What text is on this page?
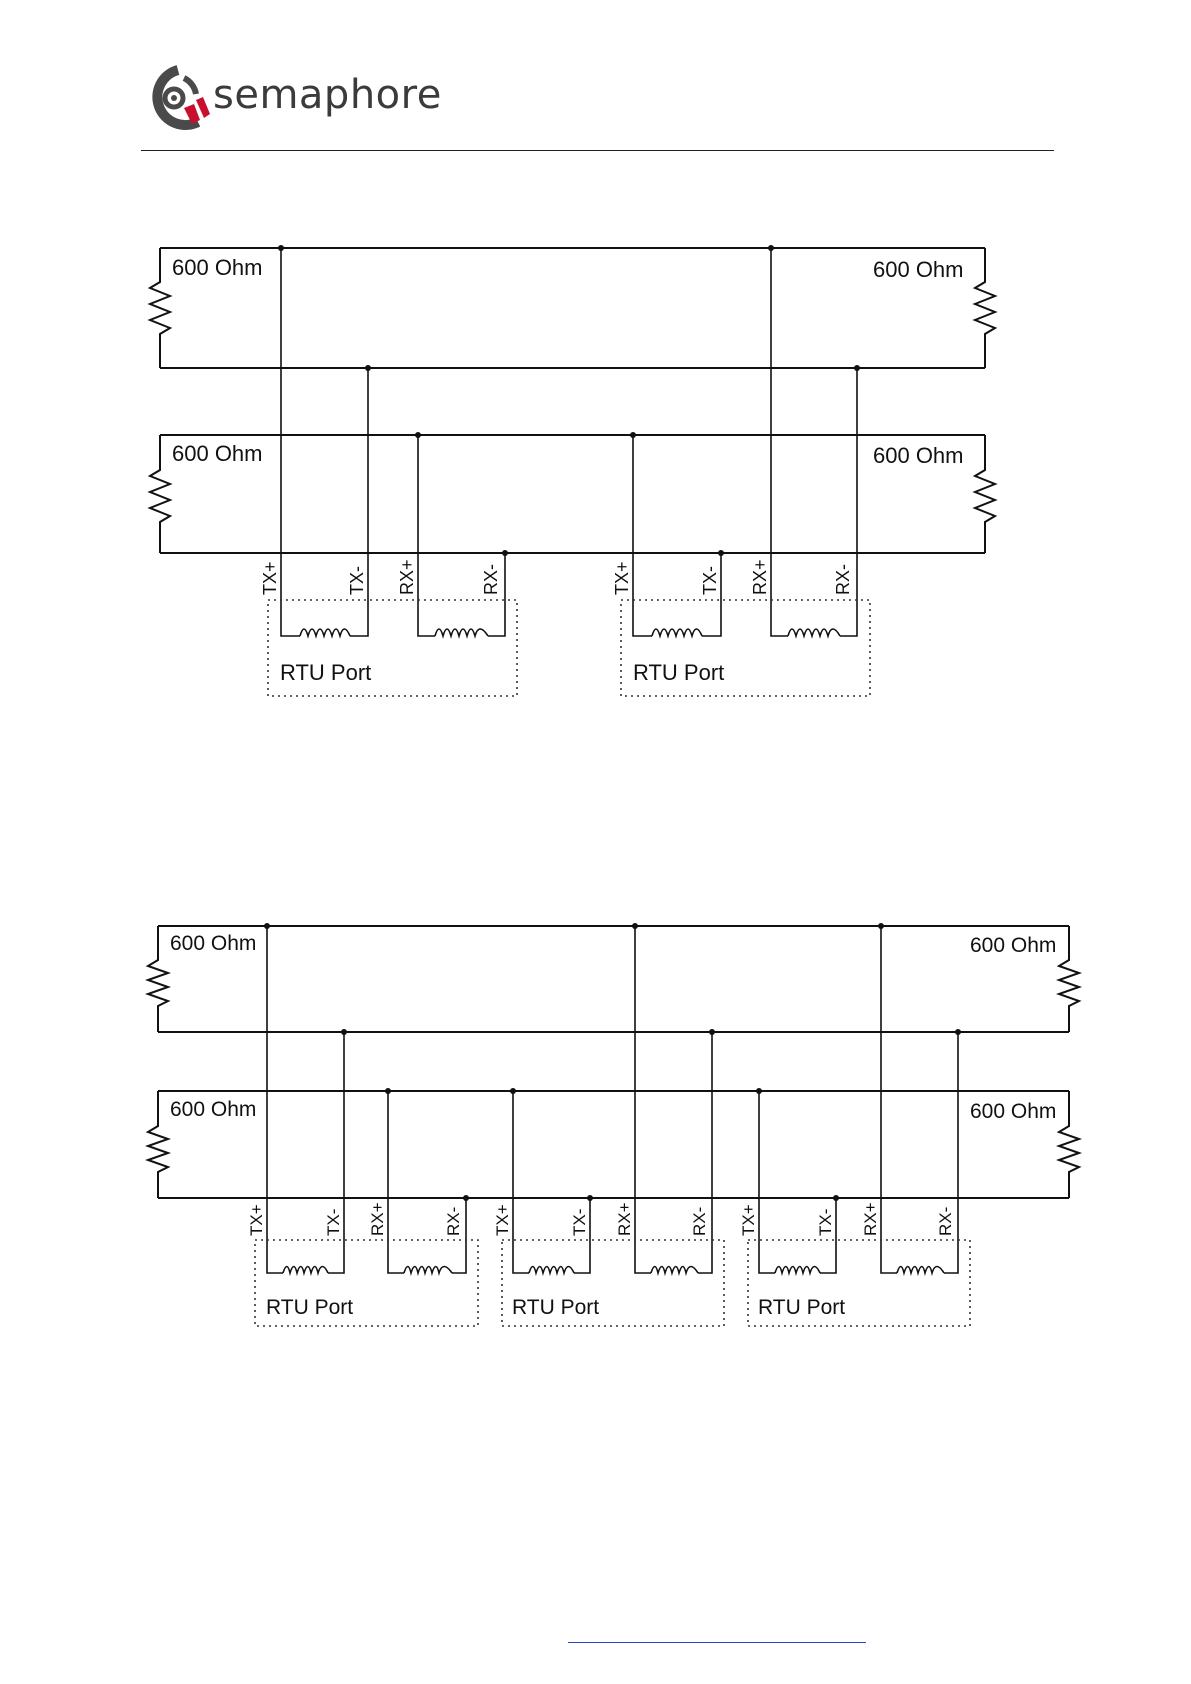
semaphore
600 Ohm	600 Ohm
600 Ohm	600 Ohm
RTU Port
TX+	TX- RX+	RX-
RTU Port
TX+	TX- RX+	RX-
600 Ohm	600 Ohm
600 Ohm	600 Ohm
RTU Port
TX+	TX- RX+	RX-
RTU Port
TX+	TX- RX+	RX-
RTU Port
TX+	TX- RX+	RX-
